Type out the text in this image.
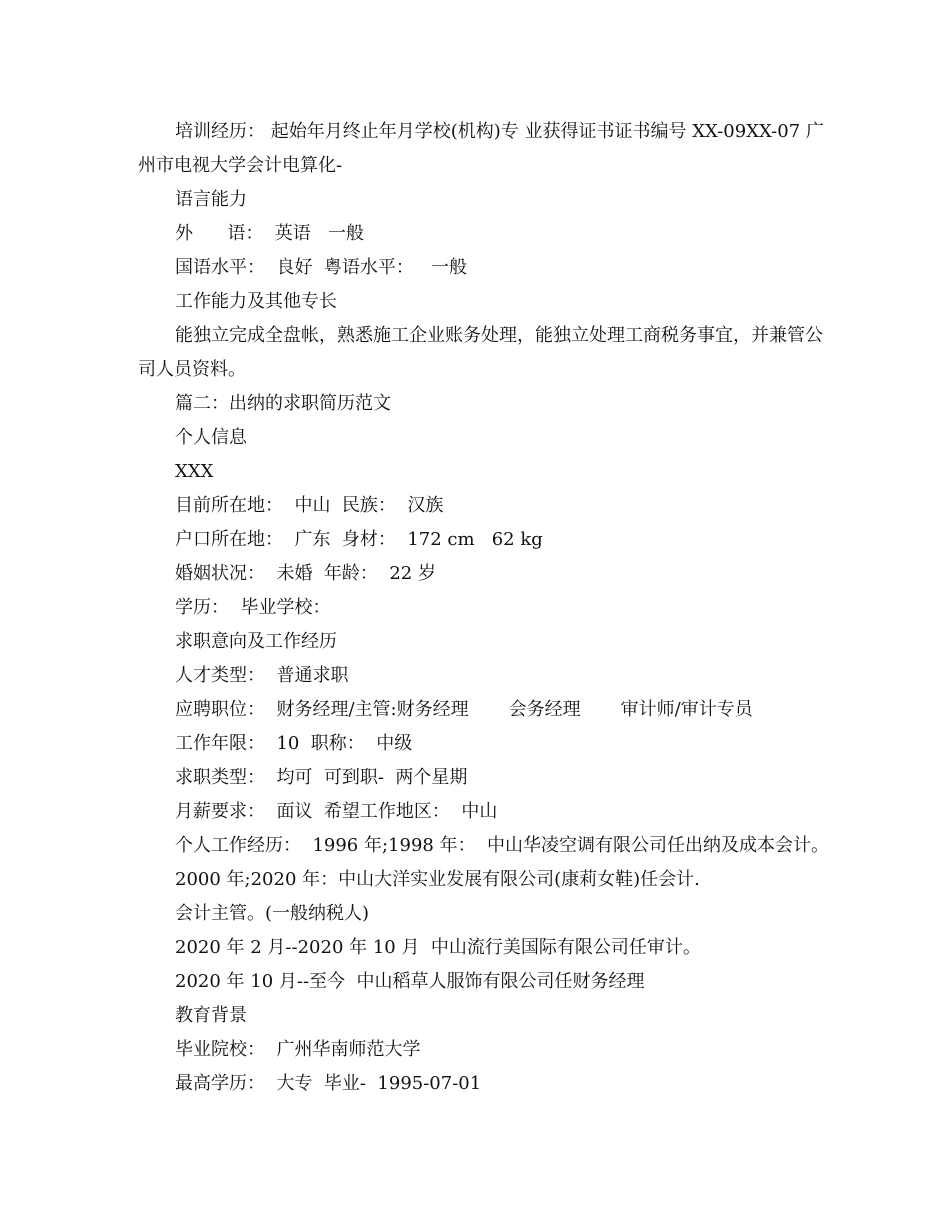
培训经历： 起始年月终止年月学校(机构)专 业获得证书证书编号 XX-09XX-07 广州市电视大学会计电算化-

语言能力

外      语：  英语   一般

国语水平：  良好  粤语水平：   一般

工作能力及其他专长

能独立完成全盘帐，熟悉施工企业账务处理，能独立处理工商税务事宜，并兼管公司人员资料。

篇二：出纳的求职简历范文

个人信息

XXX

目前所在地：  中山  民族：  汉族

户口所在地：  广东  身材：  172 cm   62 kg

婚姻状况：  未婚  年龄：  22 岁

学历：  毕业学校：

求职意向及工作经历

人才类型：  普通求职

应聘职位：  财务经理/主管:财务经理       会务经理       审计师/审计专员

工作年限：  10  职称：  中级

求职类型：  均可  可到职-  两个星期

月薪要求：  面议  希望工作地区：  中山

个人工作经历：  1996 年;1998 年：  中山华凌空调有限公司任出纳及成本会计。

2000 年;2020 年：中山大洋实业发展有限公司(康莉女鞋)任会计.

会计主管。(一般纳税人)

2020 年 2 月--2020 年 10 月  中山流行美国际有限公司任审计。

2020 年 10 月--至今  中山稻草人服饰有限公司任财务经理

教育背景

毕业院校：  广州华南师范大学

最高学历：  大专  毕业-  1995-07-01
